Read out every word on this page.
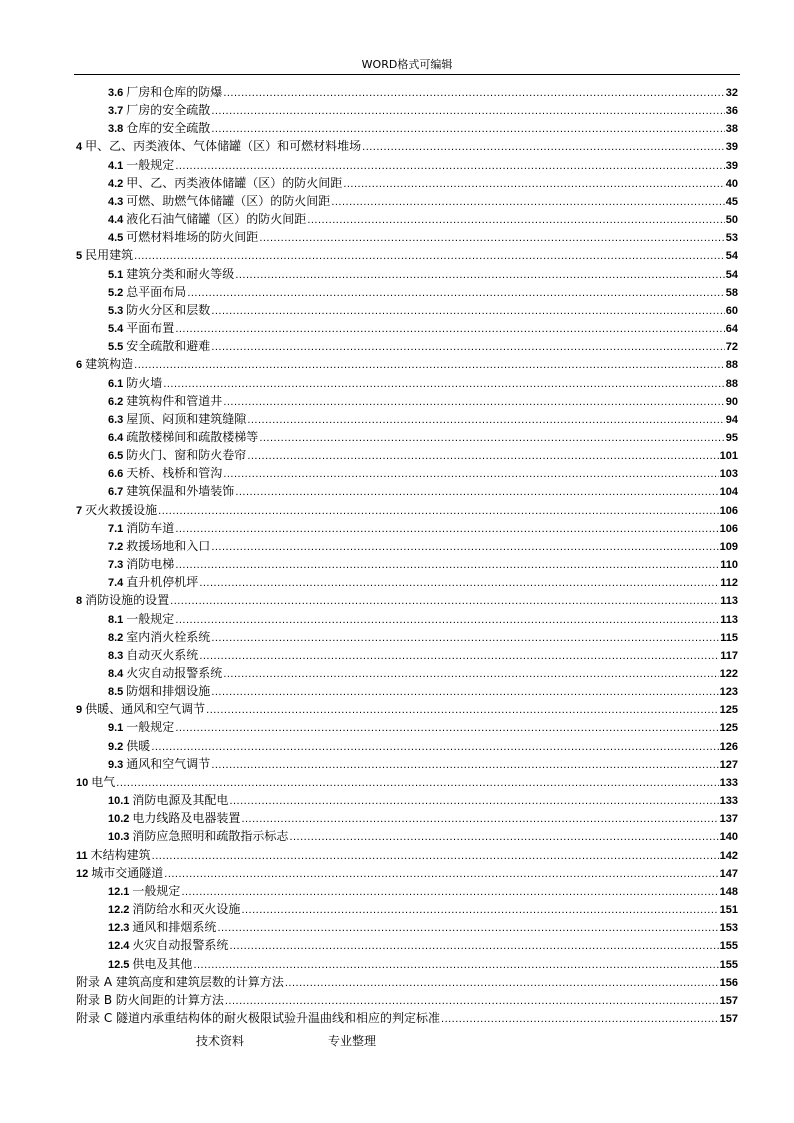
WORD格式可编辑
3.6 厂房和仓库的防爆 .....	32
3.7 厂房的安全疏散 .....	36
3.8 仓库的安全疏散 .....	38
4 甲、乙、丙类液体、气体储罐（区）和可燃材料堆场 .....	39
4.1 一般规定 .....	39
4.2 甲、乙、丙类液体储罐（区）的防火间距 .....	40
4.3 可燃、助燃气体储罐（区）的防火间距 .....	45
4.4 液化石油气储罐（区）的防火间距 .....	50
4.5 可燃材料堆场的防火间距 .....	53
5 民用建筑 .....	54
5.1 建筑分类和耐火等级 .....	54
5.2 总平面布局 .....	58
5.3 防火分区和层数 .....	60
5.4 平面布置 .....	64
5.5 安全疏散和避难 .....	72
6 建筑构造 .....	88
6.1 防火墙 .....	88
6.2 建筑构件和管道井 .....	90
6.3 屋顶、闷顶和建筑缝隙 .....	94
6.4 疏散楼梯间和疏散楼梯等 .....	95
6.5 防火门、窗和防火卷帘 .....	101
6.6 天桥、栈桥和管沟 .....	103
6.7 建筑保温和外墙装饰 .....	104
7 灭火救援设施 .....	106
7.1 消防车道 .....	106
7.2 救援场地和入口 .....	109
7.3 消防电梯 .....	110
7.4 直升机停机坪 .....	112
8 消防设施的设置 .....	113
8.1 一般规定 .....	113
8.2 室内消火栓系统 .....	115
8.3 自动灭火系统 .....	117
8.4 火灾自动报警系统 .....	122
8.5 防烟和排烟设施 .....	123
9 供暖、通风和空气调节 .....	125
9.1 一般规定 .....	125
9.2 供暖 .....	126
9.3 通风和空气调节 .....	127
10 电气 .....	133
10.1 消防电源及其配电 .....	133
10.2 电力线路及电器装置 .....	137
10.3 消防应急照明和疏散指示标志 .....	140
11 木结构建筑 .....	142
12 城市交通隧道 .....	147
12.1 一般规定 .....	148
12.2 消防给水和灭火设施 .....	151
12.3 通风和排烟系统 .....	153
12.4 火灾自动报警系统 .....	155
12.5 供电及其他 .....	155
附录 A 建筑高度和建筑层数的计算方法 .....	156
附录 B 防火间距的计算方法 .....	157
附录 C 隧道内承重结构体的耐火极限试验升温曲线和相应的判定标准 .....	157
技术资料	专业整理
